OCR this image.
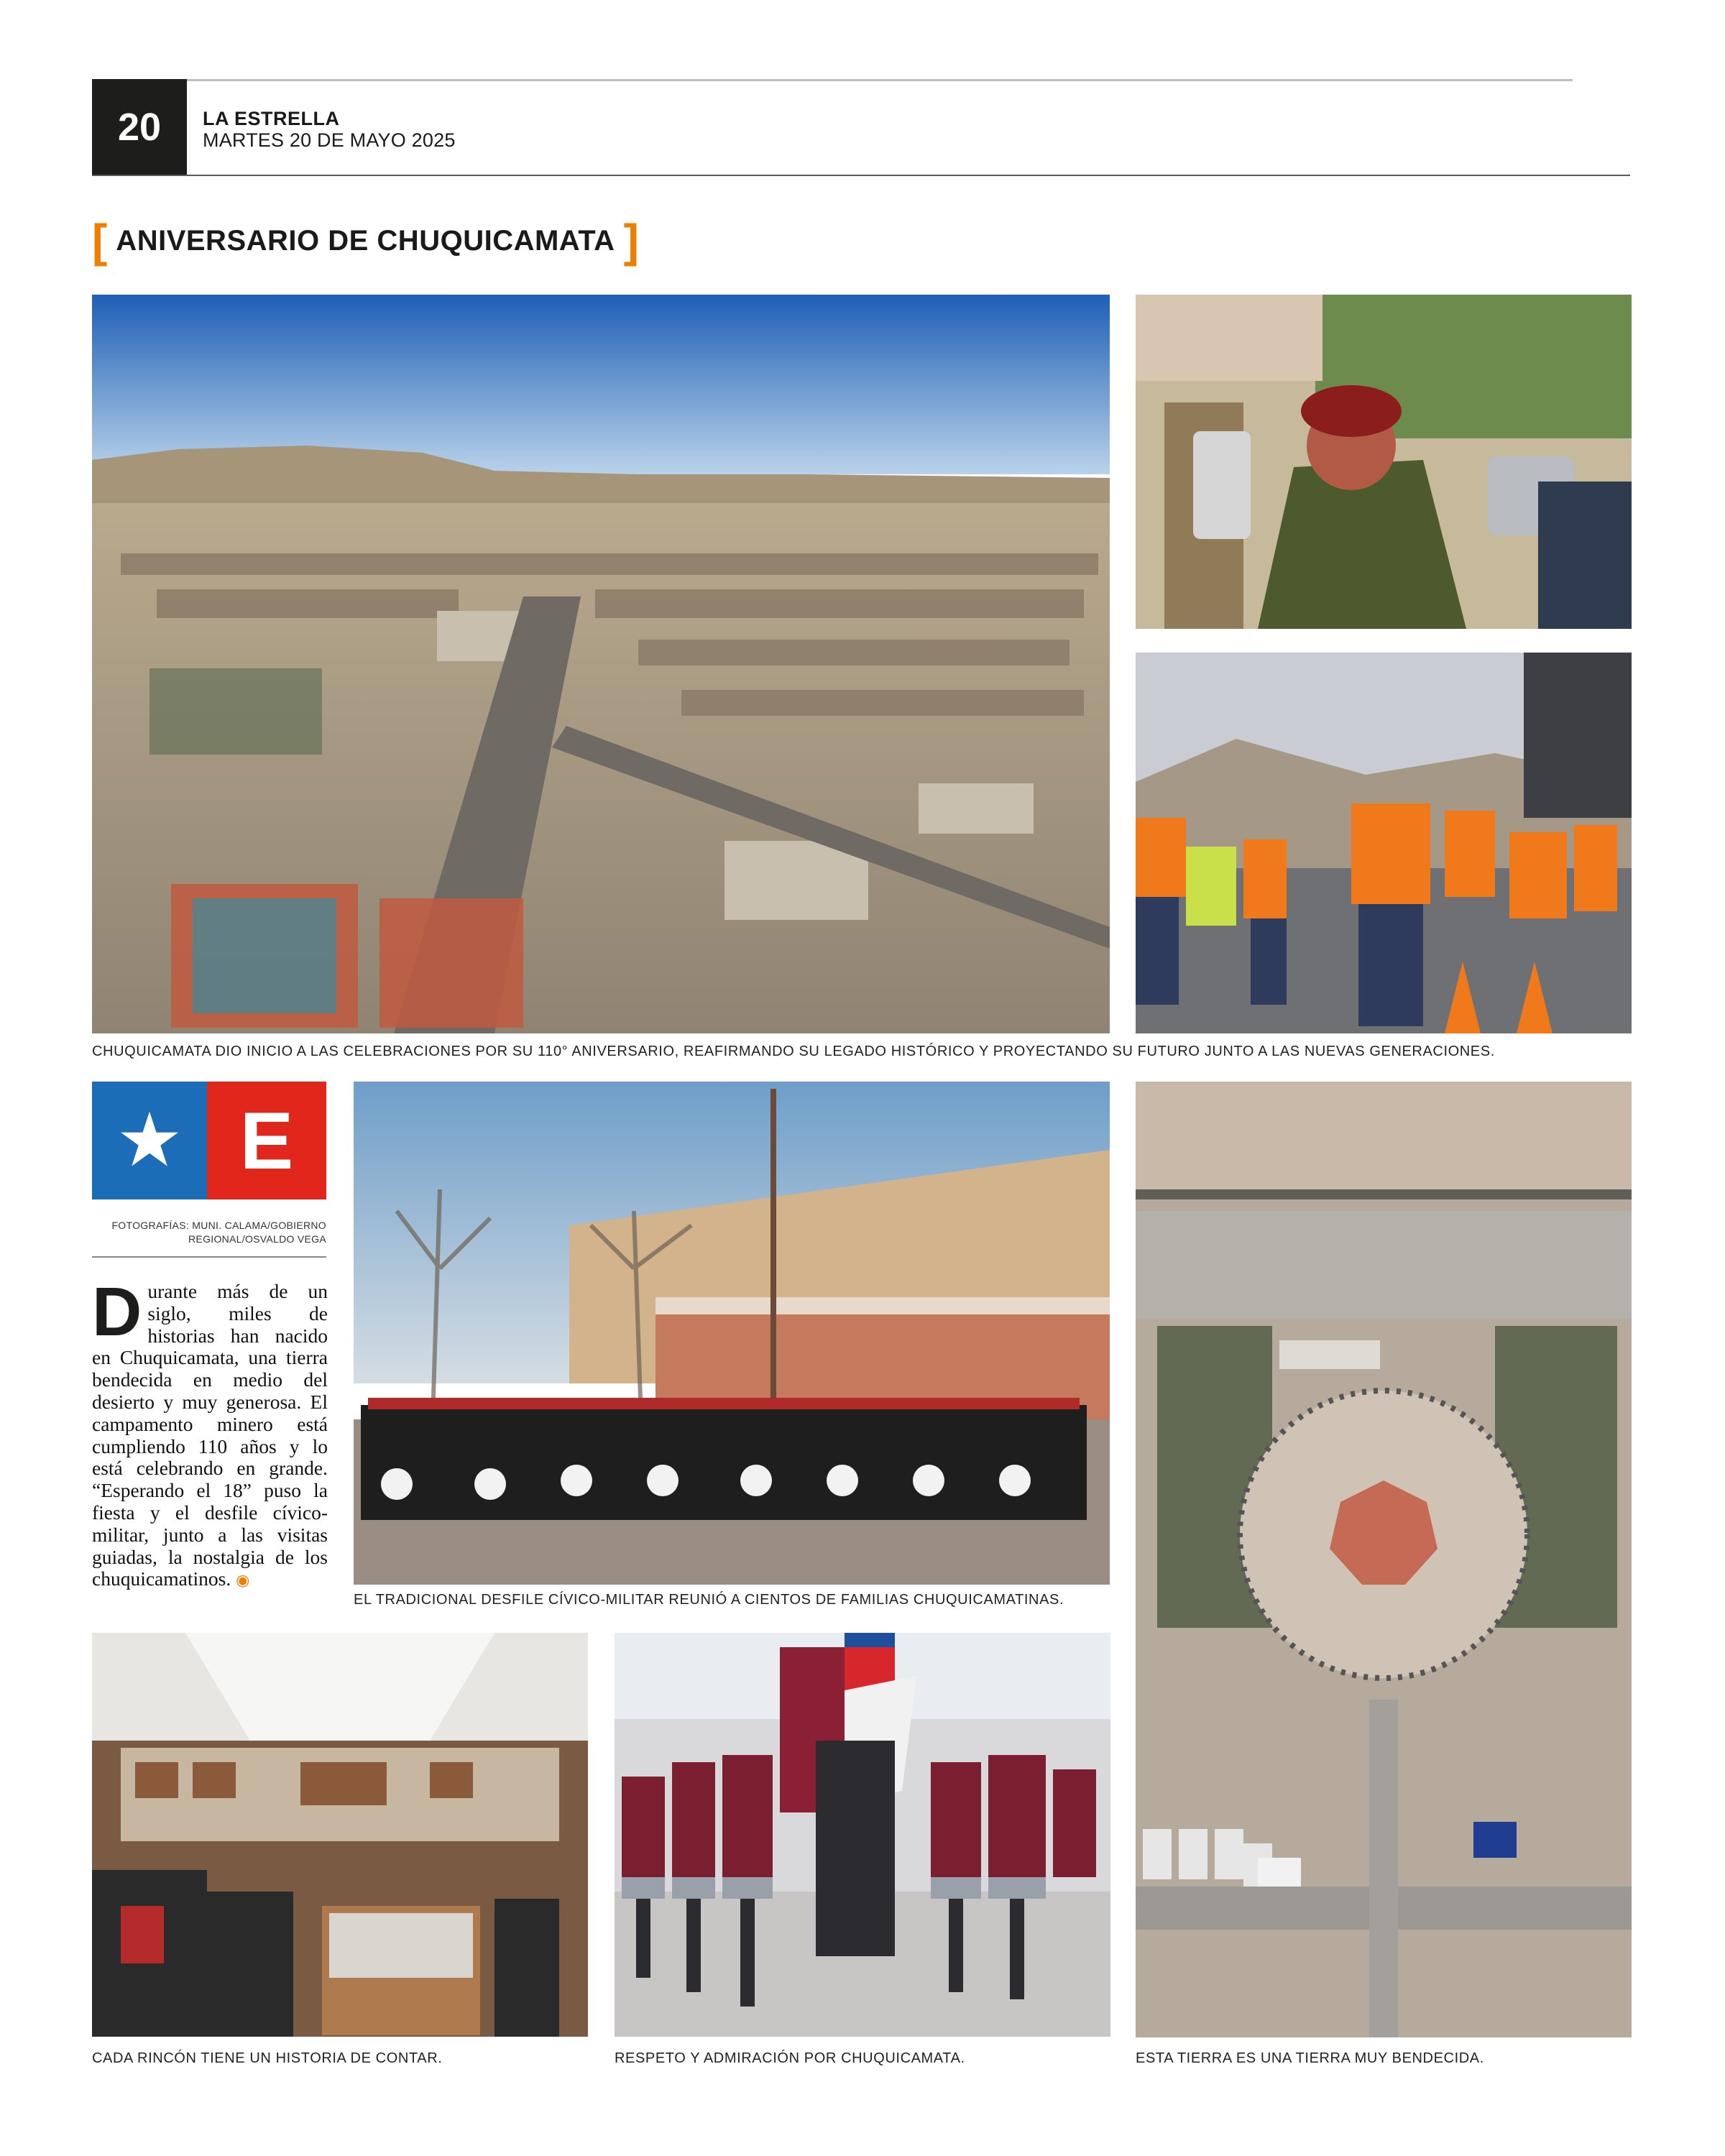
20	LA ESTRELLA
MARTES 20 DE MAYO 2025
[ ANIVERSARIO DE CHUQUICAMATA ]
CHUQUICAMATA DIO INICIO A LAS CELEBRACIONES POR SU 110° ANIVERSARIO, REAFIRMANDO SU LEGADO HISTÓRICO Y PROYECTANDO SU FUTURO JUNTO A LAS NUEVAS GENERACIONES.
★ E
FOTOGRAFÍAS: MUNI. CALAMA/GOBIERNO
REGIONAL/OSVALDO VEGA
D urante más de un siglo, miles de historias han nacido en Chuquicamata, una tierra bendecida en medio del desierto y muy generosa. El campamento minero está cumpliendo 110 años y lo está celebrando en grande. “Esperando el 18” puso la fiesta y el desfile cívico-militar, junto a las visitas guiadas, la nostalgia de los chuquicamatinos. ◉
EL TRADICIONAL DESFILE CÍVICO-MILITAR REUNIÓ A CIENTOS DE FAMILIAS CHUQUICAMATINAS.
ESTA TIERRA ES UNA TIERRA MUY BENDECIDA.
CADA RINCÓN TIENE UN HISTORIA DE CONTAR.	RESPETO Y ADMIRACIÓN POR CHUQUICAMATA.
